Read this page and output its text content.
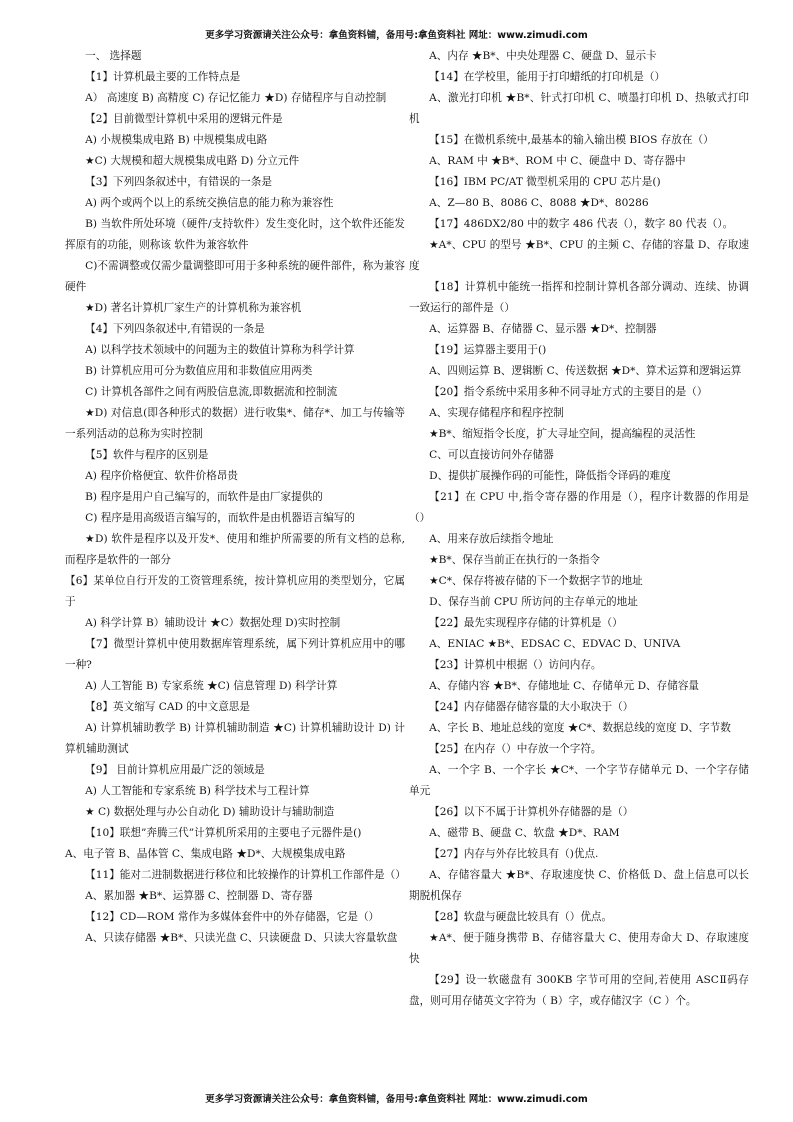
更多学习资源请关注公众号：拿鱼资料铺，备用号:拿鱼资料社 网址：www.zimudi.com

一、 选择题

【1】计算机最主要的工作特点是

A） 高速度 B) 高精度 C) 存记忆能力 ★D) 存储程序与自动控制

【2】目前微型计算机中采用的逻辑元件是

A) 小规模集成电路 B) 中规模集成电路

★C) 大规模和超大规模集成电路 D) 分立元件

【3】下列四条叙述中，有错误的一条是

A) 两个或两个以上的系统交换信息的能力称为兼容性

B) 当软件所处环境（硬件/支持软件）发生变化时，这个软件还能发挥原有的功能，则称该 软件为兼容软件

C)不需调整或仅需少量调整即可用于多种系统的硬件部件，称为兼容硬件

★D) 著名计算机厂家生产的计算机称为兼容机

【4】下列四条叙述中,有错误的一条是

A) 以科学技术领域中的问题为主的数值计算称为科学计算

B) 计算机应用可分为数值应用和非数值应用两类

C) 计算机各部件之间有两股信息流,即数据流和控制流

★D) 对信息(即各种形式的数据）进行收集*、储存*、加工与传输等一系列活动的总称为实时控制

【5】软件与程序的区别是

A) 程序价格便宜、软件价格昂贵

B) 程序是用户自己编写的，而软件是由厂家提供的

C) 程序是用高级语言编写的，而软件是由机器语言编写的

★D) 软件是程序以及开发*、使用和维护所需要的所有文档的总称,而程序是软件的一部分

【6】某单位自行开发的工资管理系统，按计算机应用的类型划分，它属于

A) 科学计算 B）辅助设计 ★C）数据处理 D)实时控制

【7】微型计算机中使用数据库管理系统，属下列计算机应用中的哪一种?

A) 人工智能 B) 专家系统 ★C) 信息管理 D) 科学计算

【8】英文缩写 CAD 的中文意思是

A) 计算机辅助教学 B) 计算机辅助制造 ★C) 计算机辅助设计 D) 计算机辅助测试

【9】 目前计算机应用最广泛的领域是

A) 人工智能和专家系统 B) 科学技术与工程计算

★ C) 数据处理与办公自动化 D) 辅助设计与辅助制造

【10】联想”奔腾三代”计算机所采用的主要电子元器件是()

A、电子管 B、晶体管 C、集成电路 ★D*、大规模集成电路

【11】能对二进制数据进行移位和比较操作的计算机工作部件是（）

A、累加器 ★B*、运算器 C、控制器 D、寄存器

【12】CD—ROM 常作为多媒体套件中的外存储器，它是（）

A、只读存储器 ★B*、只读光盘 C、只读硬盘 D、只读大容量软盘

A、内存 ★B*、中央处理器 C、硬盘 D、显示卡

【14】在学校里，能用于打印蜡纸的打印机是（）

A、激光打印机 ★B*、针式打印机 C、喷墨打印机 D、热敏式打印机

【15】在微机系统中,最基本的输入输出模 BIOS 存放在（）

A、RAM 中 ★B*、ROM 中 C、硬盘中 D、寄存器中

【16】IBM PC/AT 微型机采用的 CPU 芯片是()

A、Z—80 B、8086 C、8088 ★D*、80286

【17】486DX2/80 中的数字 486 代表（），数字 80 代表（）。

★A*、CPU 的型号 ★B*、CPU 的主频 C、存储的容量 D、存取速度

【18】计算机中能统一指挥和控制计算机各部分调动、连续、协调一致运行的部件是（）

A、运算器 B、存储器 C、显示器 ★D*、控制器

【19】运算器主要用于()

A、四则运算 B、逻辑断 C、传送数据 ★D*、算术运算和逻辑运算

【20】指令系统中采用多种不同寻址方式的主要目的是（）

A、实现存储程序和程序控制

★B*、缩短指令长度，扩大寻址空间，提高编程的灵活性

C、可以直接访问外存储器

D、提供扩展操作码的可能性，降低指令译码的难度

【21】在 CPU 中,指令寄存器的作用是（），程序计数器的作用是（）

A、用来存放后续指令地址

★B*、保存当前正在执行的一条指令

★C*、保存将被存储的下一个数据字节的地址

D、保存当前 CPU 所访问的主存单元的地址

【22】最先实现程序存储的计算机是（）

A、ENIAC ★B*、EDSAC C、EDVAC D、UNIVA

【23】计算机中根据（）访问内存。

A、存储内容 ★B*、存储地址 C、存储单元 D、存储容量

【24】内存储器存储容量的大小取决于（）

A、字长 B、地址总线的宽度 ★C*、数据总线的宽度 D、字节数

【25】在内存（）中存放一个字符。

A、一个字 B、一个字长 ★C*、一个字节存储单元 D、一个字存储单元

【26】以下不属于计算机外存储器的是（）

A、磁带 B、硬盘 C、软盘 ★D*、RAM

【27】内存与外存比较具有（)优点.

A、存储容量大 ★B*、存取速度快 C、价格低 D、盘上信息可以长期脱机保存

【28】软盘与硬盘比较具有（）优点。

★A*、便于随身携带 B、存储容量大 C、使用寿命大 D、存取速度快

【29】设一软磁盘有 300KB 字节可用的空间,若使用 ASCⅡ码存盘，则可用存储英文字符为（ B）字，或存储汉字（C ）个。

更多学习资源请关注公众号：拿鱼资料铺，备用号:拿鱼资料社 网址：www.zimudi.com
